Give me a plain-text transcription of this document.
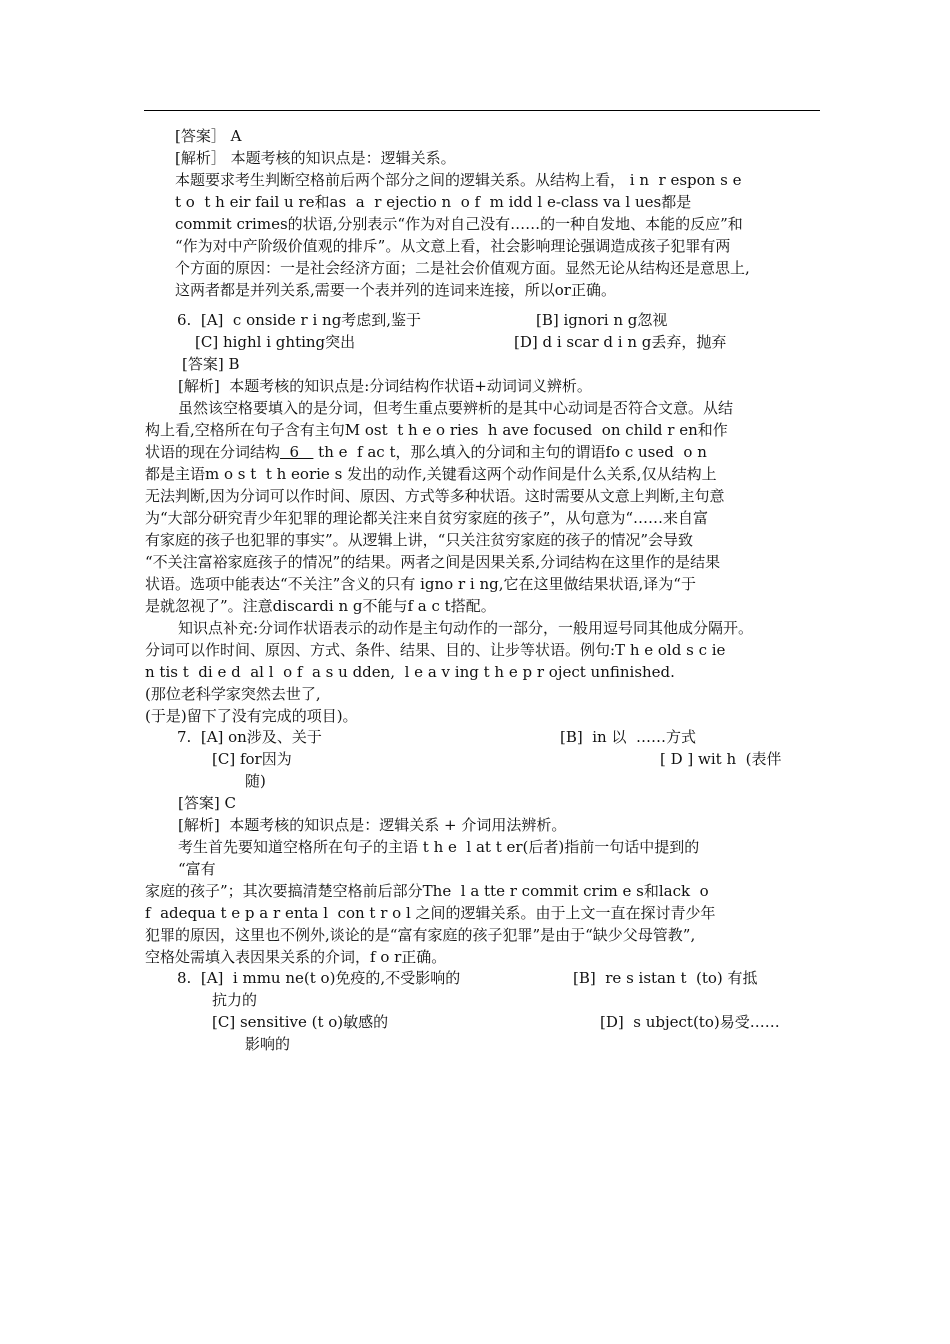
[答案］ A
[解析］ 本题考核的知识点是：逻辑关系。
本题要求考生判断空格前后两个部分之间的逻辑关系。从结构上看， i n  r espon s e
t o  t h eir fail u re和as  a  r ejectio n  o f  m idd l e-class va l ues都是
commit crimes的状语,分别表示“作为对自己没有……的一种自发地、本能的反应”和
“作为对中产阶级价值观的排斥”。从文意上看，社会影响理论强调造成孩子犯罪有两
个方面的原因：一是社会经济方面；二是社会价值观方面。显然无论从结构还是意思上,
这两者都是并列关系,需要一个表并列的连词来连接，所以or正确。
6.  [A]  c onside r i ng考虑到,鉴于	[B] ignori n g忽视
[C] highl i ghting突出	[D] d i scar d i n g丢弃，抛弃
[答案] B
[解析]  本题考核的知识点是:分词结构作状语+动词词义辨析。
虽然该空格要填入的是分词，但考生重点要辨析的是其中心动词是否符合文意。从结
构上看,空格所在句子含有主句M ost  t h e o ries  h ave focused  on child r en和作
状语的现在分词结构  6    th e  f ac t，那么填入的分词和主句的谓语fo c used  o n
都是主语m o s t  t h eorie s 发出的动作,关键看这两个动作间是什么关系,仅从结构上
无法判断,因为分词可以作时间、原因、方式等多种状语。这时需要从文意上判断,主句意
为“大部分研究青少年犯罪的理论都关注来自贫穷家庭的孩子”，从句意为“……来自富
有家庭的孩子也犯罪的事实”。从逻辑上讲，“只关注贫穷家庭的孩子的情况”会导致
“不关注富裕家庭孩子的情况”的结果。两者之间是因果关系,分词结构在这里作的是结果
状语。选项中能表达“不关注”含义的只有 igno r i ng,它在这里做结果状语,译为“于
是就忽视了”。注意discardi n g不能与f a c t搭配。
知识点补充:分词作状语表示的动作是主句动作的一部分，一般用逗号同其他成分隔开。
分词可以作时间、原因、方式、条件、结果、目的、让步等状语。例句:T h e old s c ie
n tis t  di e d  al l  o f  a s u dden,  l e a v ing t h e p r oject unfinished.
(那位老科学家突然去世了,
(于是)留下了没有完成的项目)。
7.  [A] on涉及、关于	[B]  in 以  ……方式
[C] for因为	[ D ] wit h  (表伴
随)
[答案] C
[解析]  本题考核的知识点是：逻辑关系 + 介词用法辨析。
考生首先要知道空格所在句子的主语 t h e  l at t er(后者)指前一句话中提到的
“富有
家庭的孩子”；其次要搞清楚空格前后部分The  l a tte r commit crim e s和lack  o
f  adequa t e p a r enta l  con t r o l 之间的逻辑关系。由于上文一直在探讨青少年
犯罪的原因，这里也不例外,谈论的是“富有家庭的孩子犯罪”是由于“缺少父母管教”,
空格处需填入表因果关系的介词，f o r正确。
8.  [A]  i mmu ne(t o)免疫的,不受影响的	[B]  re s istan t  (to) 有抵
抗力的
[C] sensitive (t o)敏感的	[D]  s ubject(to)易受……
影响的
